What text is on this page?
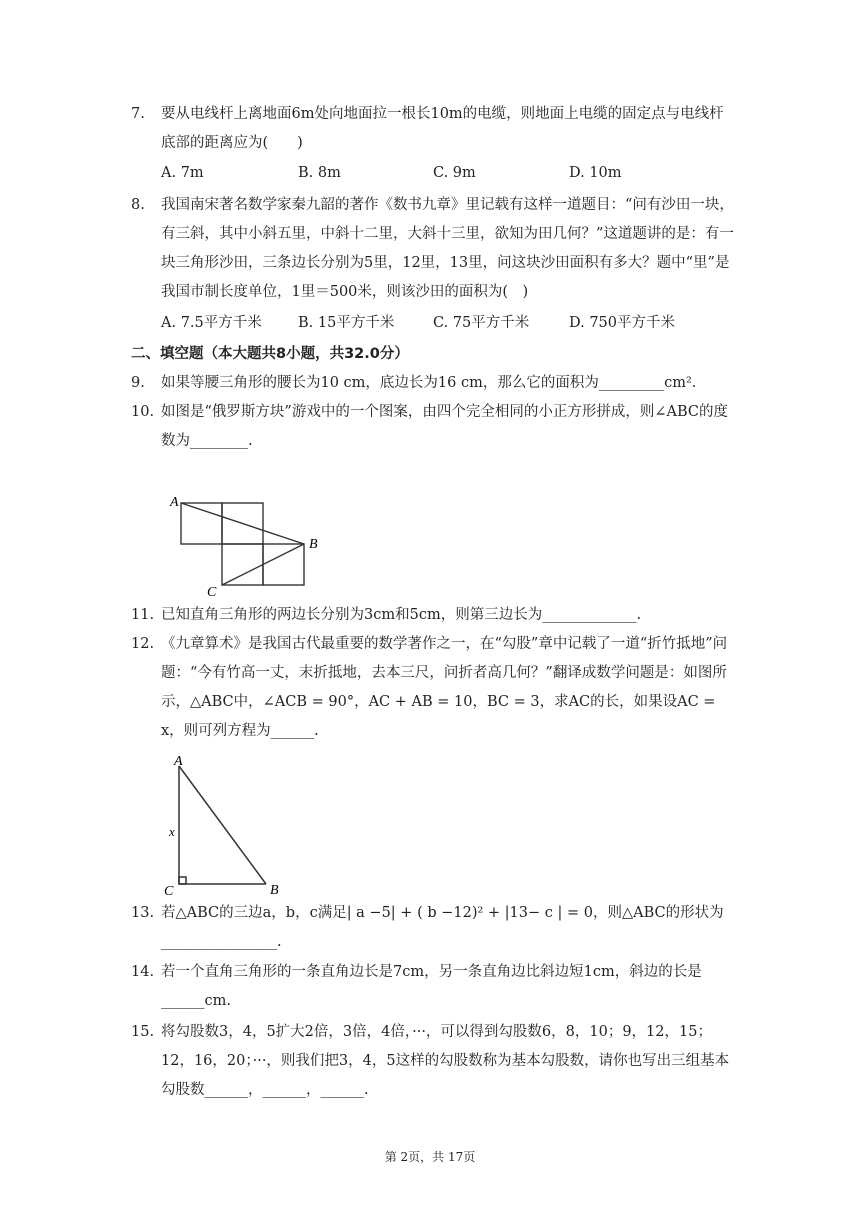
7.	要从电线杆上离地面6m处向地面拉一根长10m的电缆，则地面上电缆的固定点与电线杆底部的距离应为(　　)
A. 7m	B. 8m	C. 9m	D. 10m
8.	我国南宋著名数学家秦九韶的著作《数书九章》里记载有这样一道题目：“问有沙田一块，有三斜，其中小斜五里，中斜十二里，大斜十三里，欲知为田几何？”这道题讲的是：有一块三角形沙田，三条边长分别为5里，12里，13里，问这块沙田面积有多大？题中“里”是我国市制长度单位，1里＝500米，则该沙田的面积为(　)
A. 7.5平方千米	B. 15平方千米	C. 75平方千米	D. 750平方千米
二、填空题（本大题共8小题，共32.0分）
9.	如果等腰三角形的腰长为10 cm，底边长为16 cm，那么它的面积为_________cm².
10. 如图是“俄罗斯方块”游戏中的一个图案，由四个完全相同的小正方形拼成，则∠ABC的度数为________.
A
B
C
11. 已知直角三角形的两边长分别为3cm和5cm，则第三边长为_____________.
12. 《九章算术》是我国古代最重要的数学著作之一，在“勾股”章中记载了一道“折竹抵地”问题：“今有竹高一丈，末折抵地，去本三尺，问折者高几何？”翻译成数学问题是：如图所示，△ABC中，∠ACB = 90°，AC + AB = 10，BC = 3，求AC的长，如果设AC = x，则可列方程为______.
A
B
C
x
13. 若△ABC的三边a，b，c满足| a −5| + ( b −12)² + |13− c | = 0，则△ABC的形状为________________.
14. 若一个直角三角形的一条直角边长是7cm，另一条直角边比斜边短1cm，斜边的长是______cm.
15. 将勾股数3，4，5扩大2倍，3倍，4倍，···，可以得到勾股数6，8，10；9，12，15；12，16，20；···，则我们把3，4，5这样的勾股数称为基本勾股数，请你也写出三组基本勾股数______，______，______.
第 2页，共 17页
